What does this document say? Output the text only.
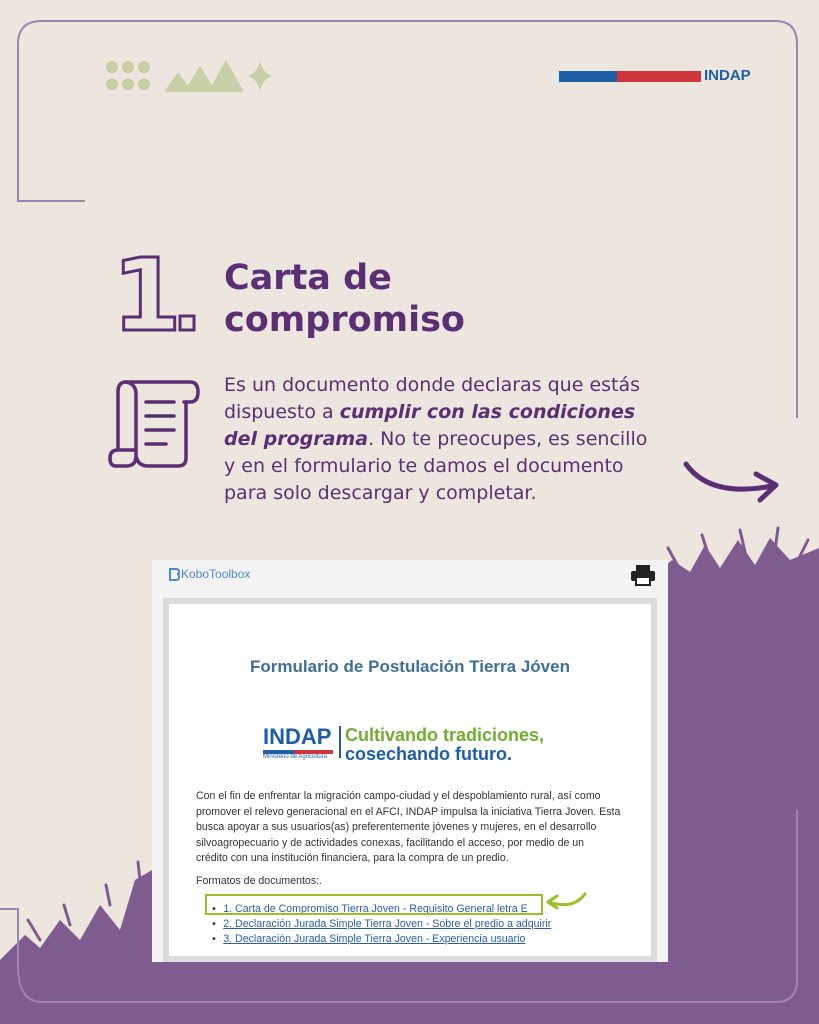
INDAP
1 Carta de
compromiso
Es un documento donde declaras que estás
dispuesto a cumplir con las condiciones
del programa. No te preocupes, es sencillo
y en el formulario te damos el documento
para solo descargar y completar.
KoboToolbox
Formulario de Postulación Tierra Jóven
INDAP
Ministerio de Agricultura
Cultivando tradiciones,
cosechando futuro.
Con el fin de enfrentar la migración campo-ciudad y el despoblamiento rural, así como
promover el relevo generacional en el AFCI, INDAP impulsa la iniciativa Tierra Joven. Esta
busca apoyar a sus usuarios(as) preferentemente jóvenes y mujeres, en el desarrollo
silvoagropecuario y de actividades conexas, facilitando el acceso, por medio de un
crédito con una institución financiera, para la compra de un predio.
Formatos de documentos:.
•  1. Carta de Compromiso Tierra Joven - Requisito General letra E
•  2. Declaración Jurada Simple Tierra Joven - Sobre el predio a adquirir
•  3. Declaración Jurada Simple Tierra Joven - Experiencia usuario
